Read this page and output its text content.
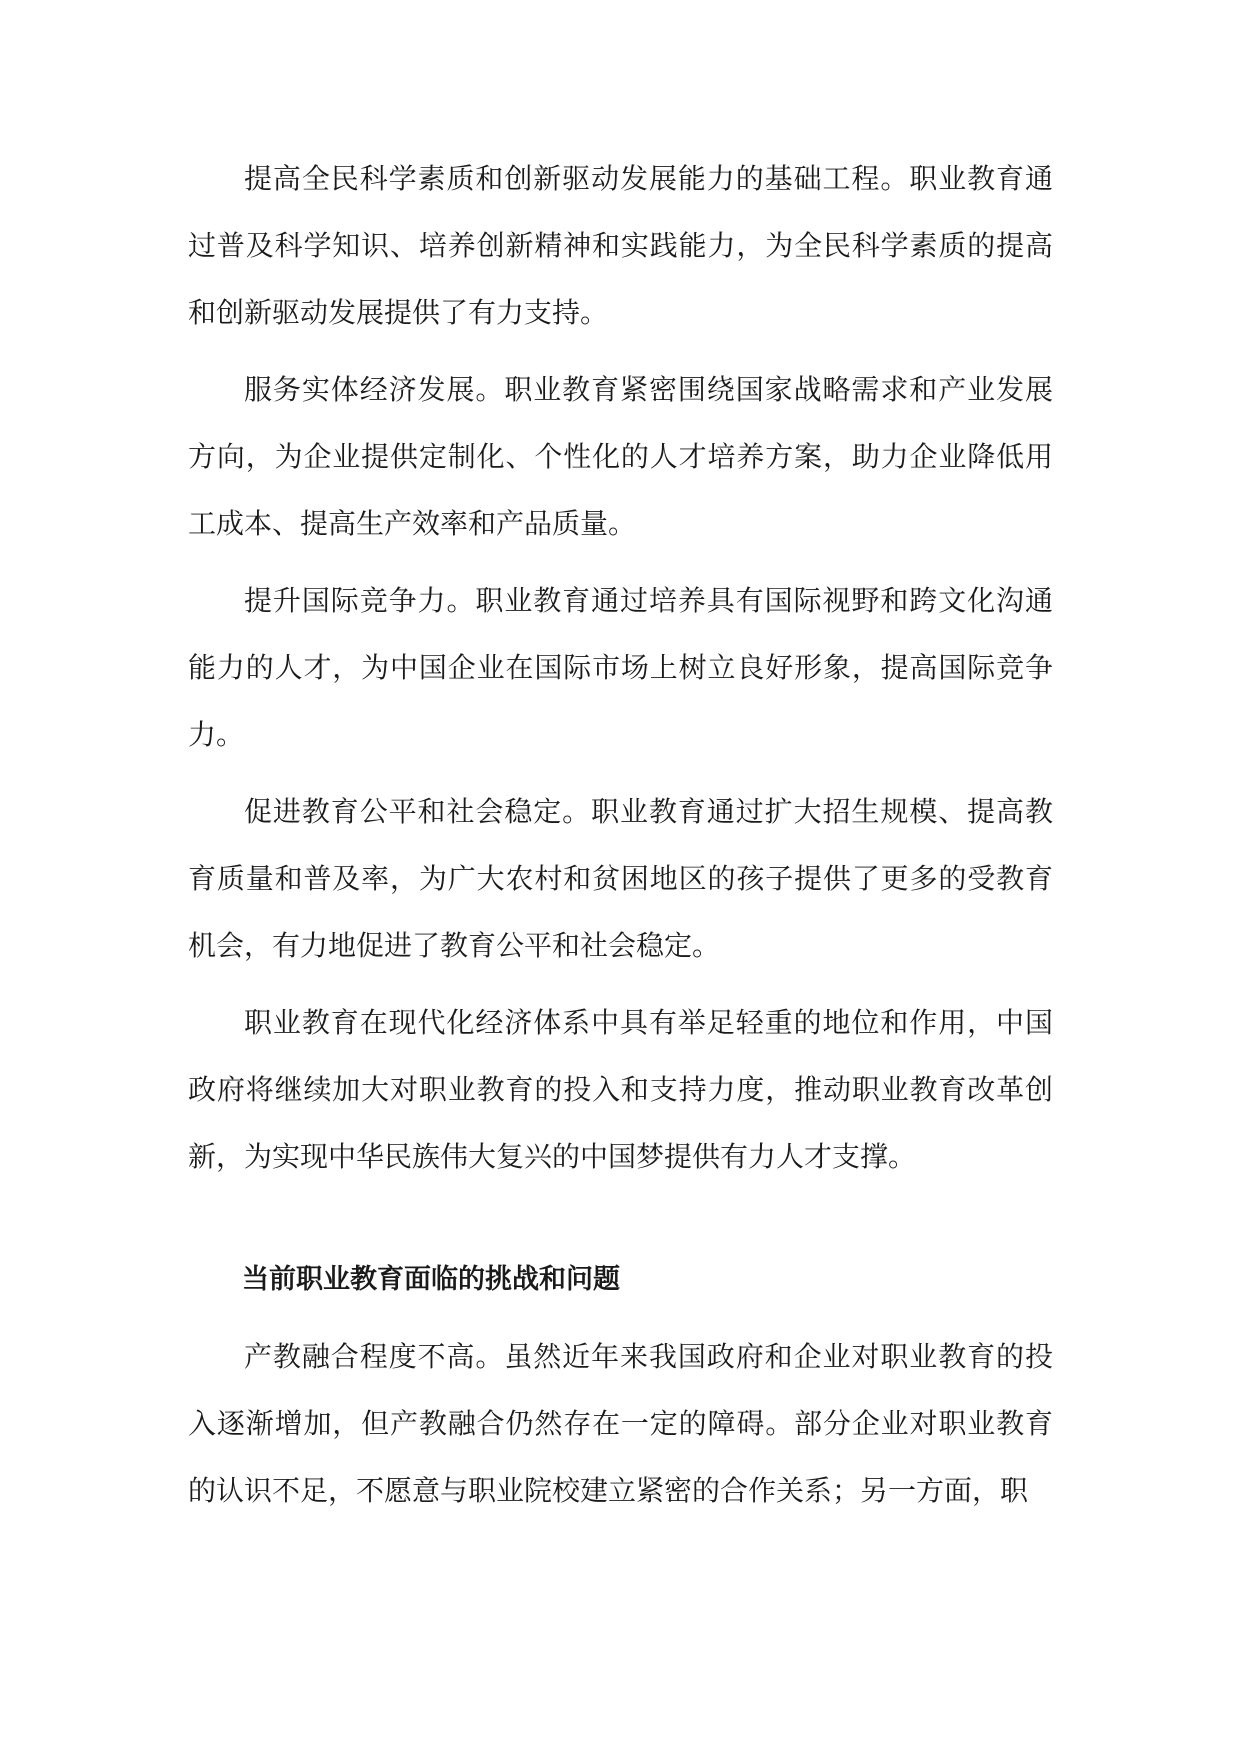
提高全民科学素质和创新驱动发展能力的基础工程。职业教育通过普及科学知识、培养创新精神和实践能力，为全民科学素质的提高和创新驱动发展提供了有力支持。

服务实体经济发展。职业教育紧密围绕国家战略需求和产业发展方向，为企业提供定制化、个性化的人才培养方案，助力企业降低用工成本、提高生产效率和产品质量。

提升国际竞争力。职业教育通过培养具有国际视野和跨文化沟通能力的人才，为中国企业在国际市场上树立良好形象，提高国际竞争力。

促进教育公平和社会稳定。职业教育通过扩大招生规模、提高教育质量和普及率，为广大农村和贫困地区的孩子提供了更多的受教育机会，有力地促进了教育公平和社会稳定。

职业教育在现代化经济体系中具有举足轻重的地位和作用，中国政府将继续加大对职业教育的投入和支持力度，推动职业教育改革创新，为实现中华民族伟大复兴的中国梦提供有力人才支撑。

当前职业教育面临的挑战和问题

产教融合程度不高。虽然近年来我国政府和企业对职业教育的投入逐渐增加，但产教融合仍然存在一定的障碍。部分企业对职业教育的认识不足，不愿意与职业院校建立紧密的合作关系；另一方面，职
